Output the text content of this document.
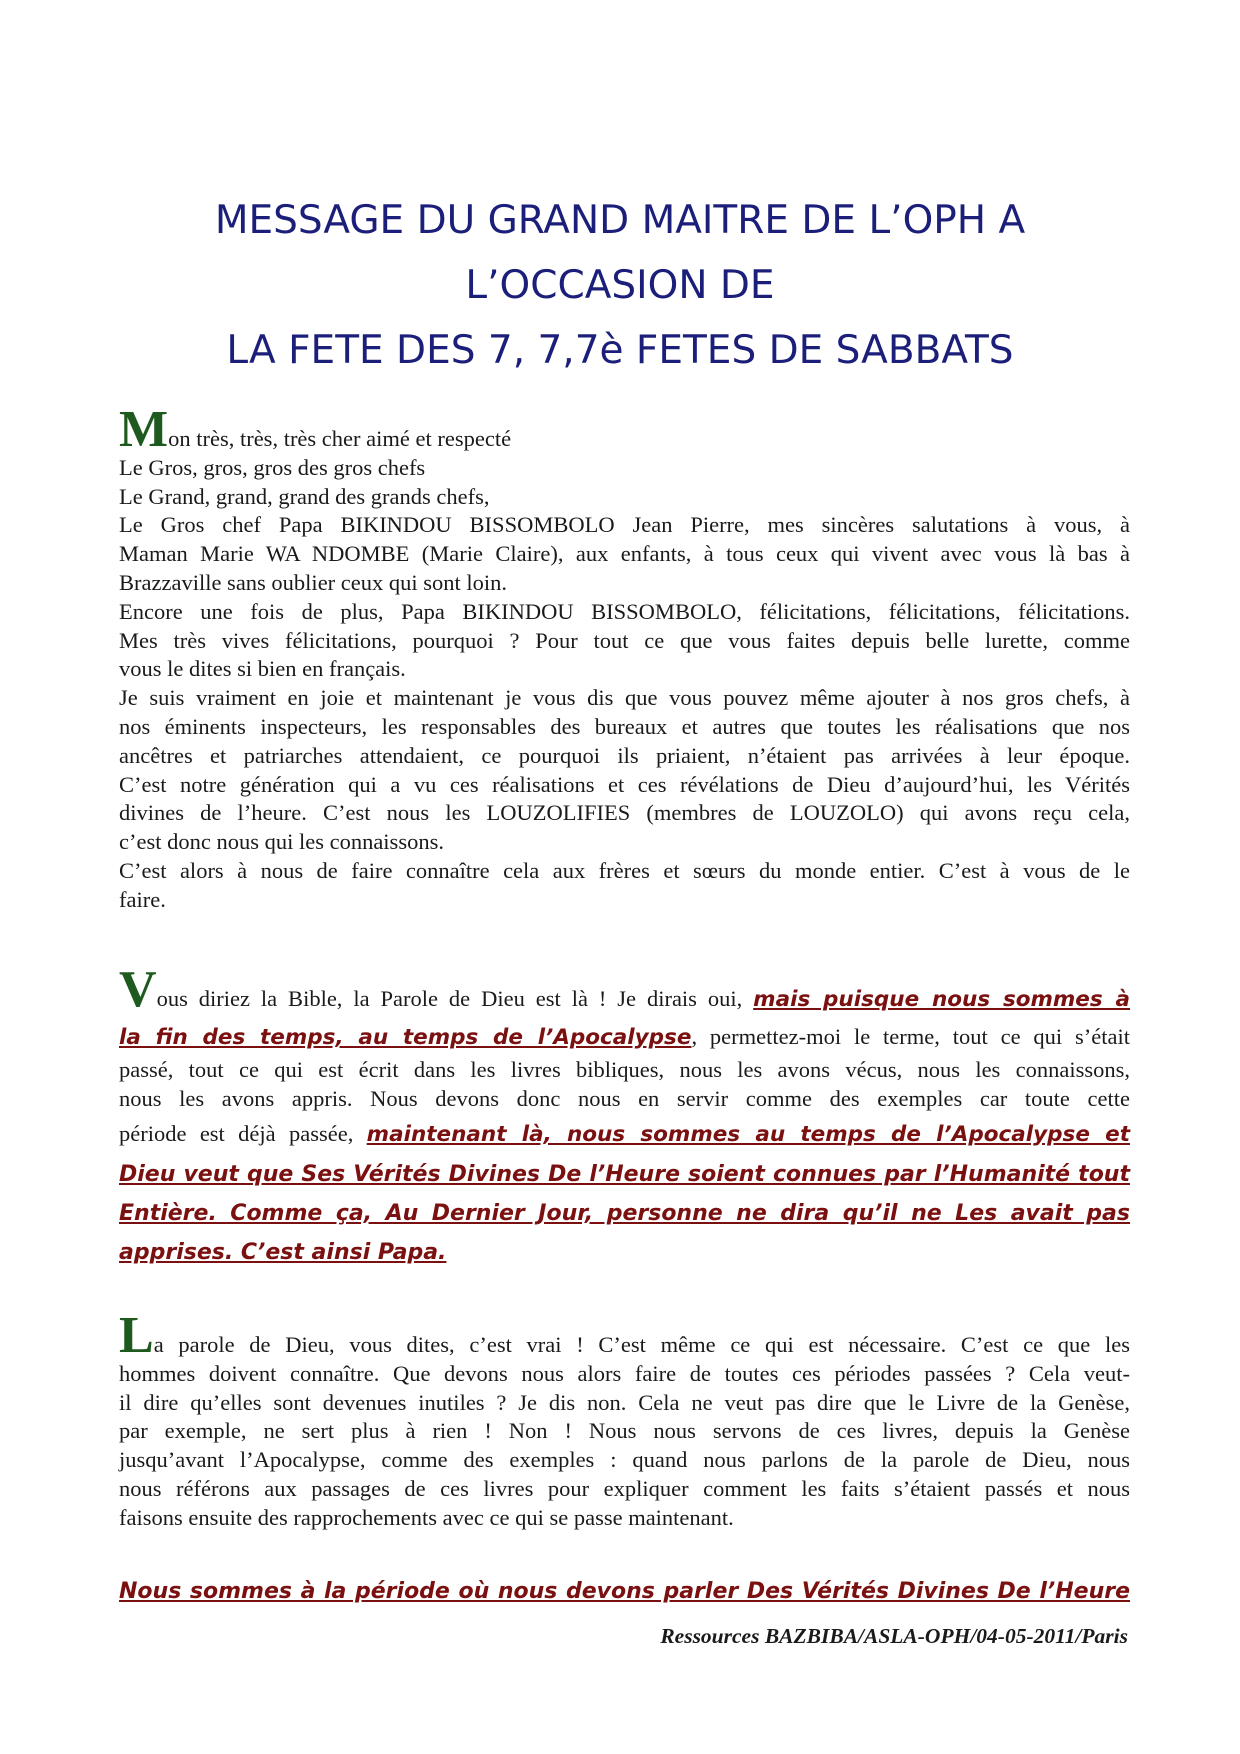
MESSAGE DU GRAND MAITRE DE L’OPH A
L’OCCASION DE
LA FETE DES 7, 7,7è FETES DE SABBATS
Mon très, très, très cher aimé et respecté
Le Gros, gros, gros des gros chefs
Le Grand, grand, grand des grands chefs,
Le Gros chef Papa BIKINDOU BISSOMBOLO Jean Pierre, mes sincères salutations à vous, à
Maman Marie WA NDOMBE (Marie Claire), aux enfants, à tous ceux qui vivent avec vous là bas à
Brazzaville sans oublier ceux qui sont loin.
Encore une fois de plus, Papa BIKINDOU BISSOMBOLO, félicitations, félicitations, félicitations.
Mes très vives félicitations, pourquoi ? Pour tout ce que vous faites depuis belle lurette, comme
vous le dites si bien en français.
Je suis vraiment en joie et maintenant je vous dis que vous pouvez même ajouter à nos gros chefs, à
nos éminents inspecteurs, les responsables des bureaux et autres que toutes les réalisations que nos
ancêtres et patriarches attendaient, ce pourquoi ils priaient, n’étaient pas arrivées à leur époque.
C’est notre génération qui a vu ces réalisations et ces révélations de Dieu d’aujourd’hui, les Vérités
divines de l’heure. C’est nous les LOUZOLIFIES (membres de LOUZOLO) qui avons reçu cela,
c’est donc nous qui les connaissons.
C’est alors à nous de faire connaître cela aux frères et sœurs du monde entier. C’est à vous de le
faire.
Vous diriez la Bible, la Parole de Dieu est là ! Je dirais oui, mais puisque nous sommes à
la fin des temps, au temps de l’Apocalypse, permettez-moi le terme, tout ce qui s’était
passé, tout ce qui est écrit dans les livres bibliques, nous les avons vécus, nous les connaissons,
nous les avons appris. Nous devons donc nous en servir comme des exemples car toute cette
période est déjà passée, maintenant là, nous sommes au temps de l’Apocalypse et
Dieu veut que Ses Vérités Divines De l’Heure soient connues par l’Humanité tout
Entière. Comme ça, Au Dernier Jour, personne ne dira qu’il ne Les avait pas
apprises. C’est ainsi Papa.
La parole de Dieu, vous dites, c’est vrai ! C’est même ce qui est nécessaire. C’est ce que les
hommes doivent connaître. Que devons nous alors faire de toutes ces périodes passées ? Cela veut-
il dire qu’elles sont devenues inutiles ? Je dis non. Cela ne veut pas dire que le Livre de la Genèse,
par exemple, ne sert plus à rien ! Non ! Nous nous servons de ces livres, depuis la Genèse
jusqu’avant l’Apocalypse, comme des exemples : quand nous parlons de la parole de Dieu, nous
nous référons aux passages de ces livres pour expliquer comment les faits s’étaient passés et nous
faisons ensuite des rapprochements avec ce qui se passe maintenant.
Nous sommes à la période où nous devons parler Des Vérités Divines De l’Heure
Ressources BAZBIBA/ASLA-OPH/04-05-2011/Paris
